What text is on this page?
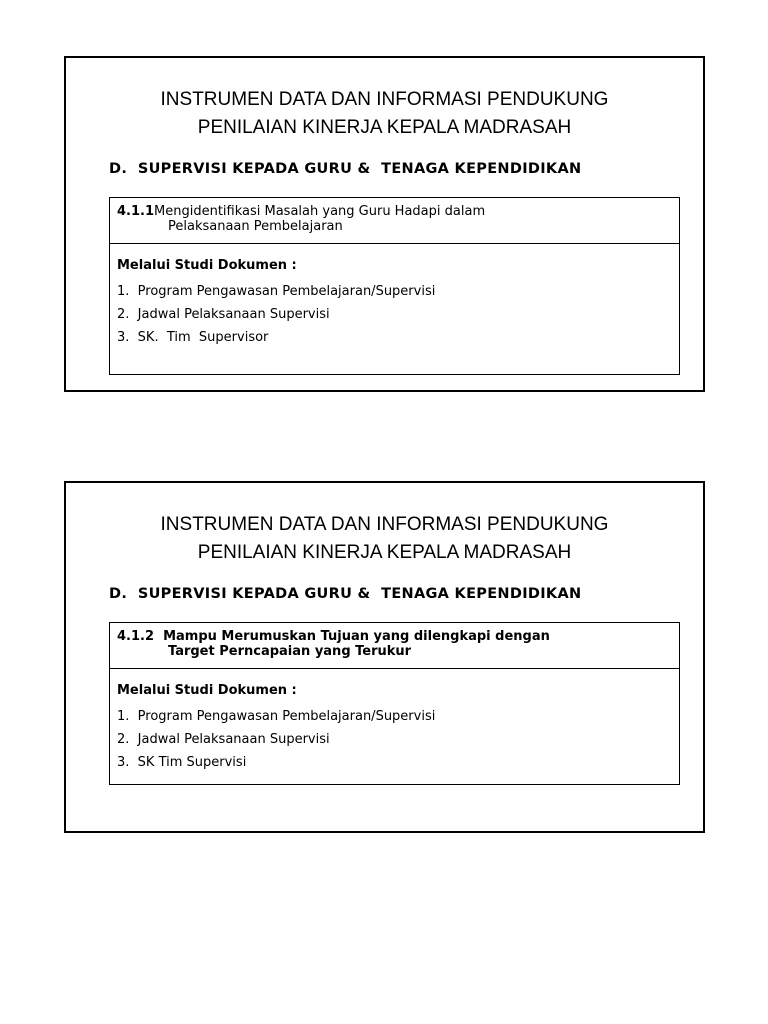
INSTRUMEN DATA DAN INFORMASI PENDUKUNG
PENILAIAN KINERJA KEPALA MADRASAH
D.  SUPERVISI KEPADA GURU &  TENAGA KEPENDIDIKAN
4.1.1Mengidentifikasi Masalah yang Guru Hadapi dalam
Pelaksanaan Pembelajaran
Melalui Studi Dokumen :
1.  Program Pengawasan Pembelajaran/Supervisi
2.  Jadwal Pelaksanaan Supervisi
3.  SK.  Tim  Supervisor
INSTRUMEN DATA DAN INFORMASI PENDUKUNG
PENILAIAN KINERJA KEPALA MADRASAH
D.  SUPERVISI KEPADA GURU &  TENAGA KEPENDIDIKAN
4.1.2  Mampu Merumuskan Tujuan yang dilengkapi dengan
Target Perncapaian yang Terukur
Melalui Studi Dokumen :
1.  Program Pengawasan Pembelajaran/Supervisi
2.  Jadwal Pelaksanaan Supervisi
3.  SK Tim Supervisi
